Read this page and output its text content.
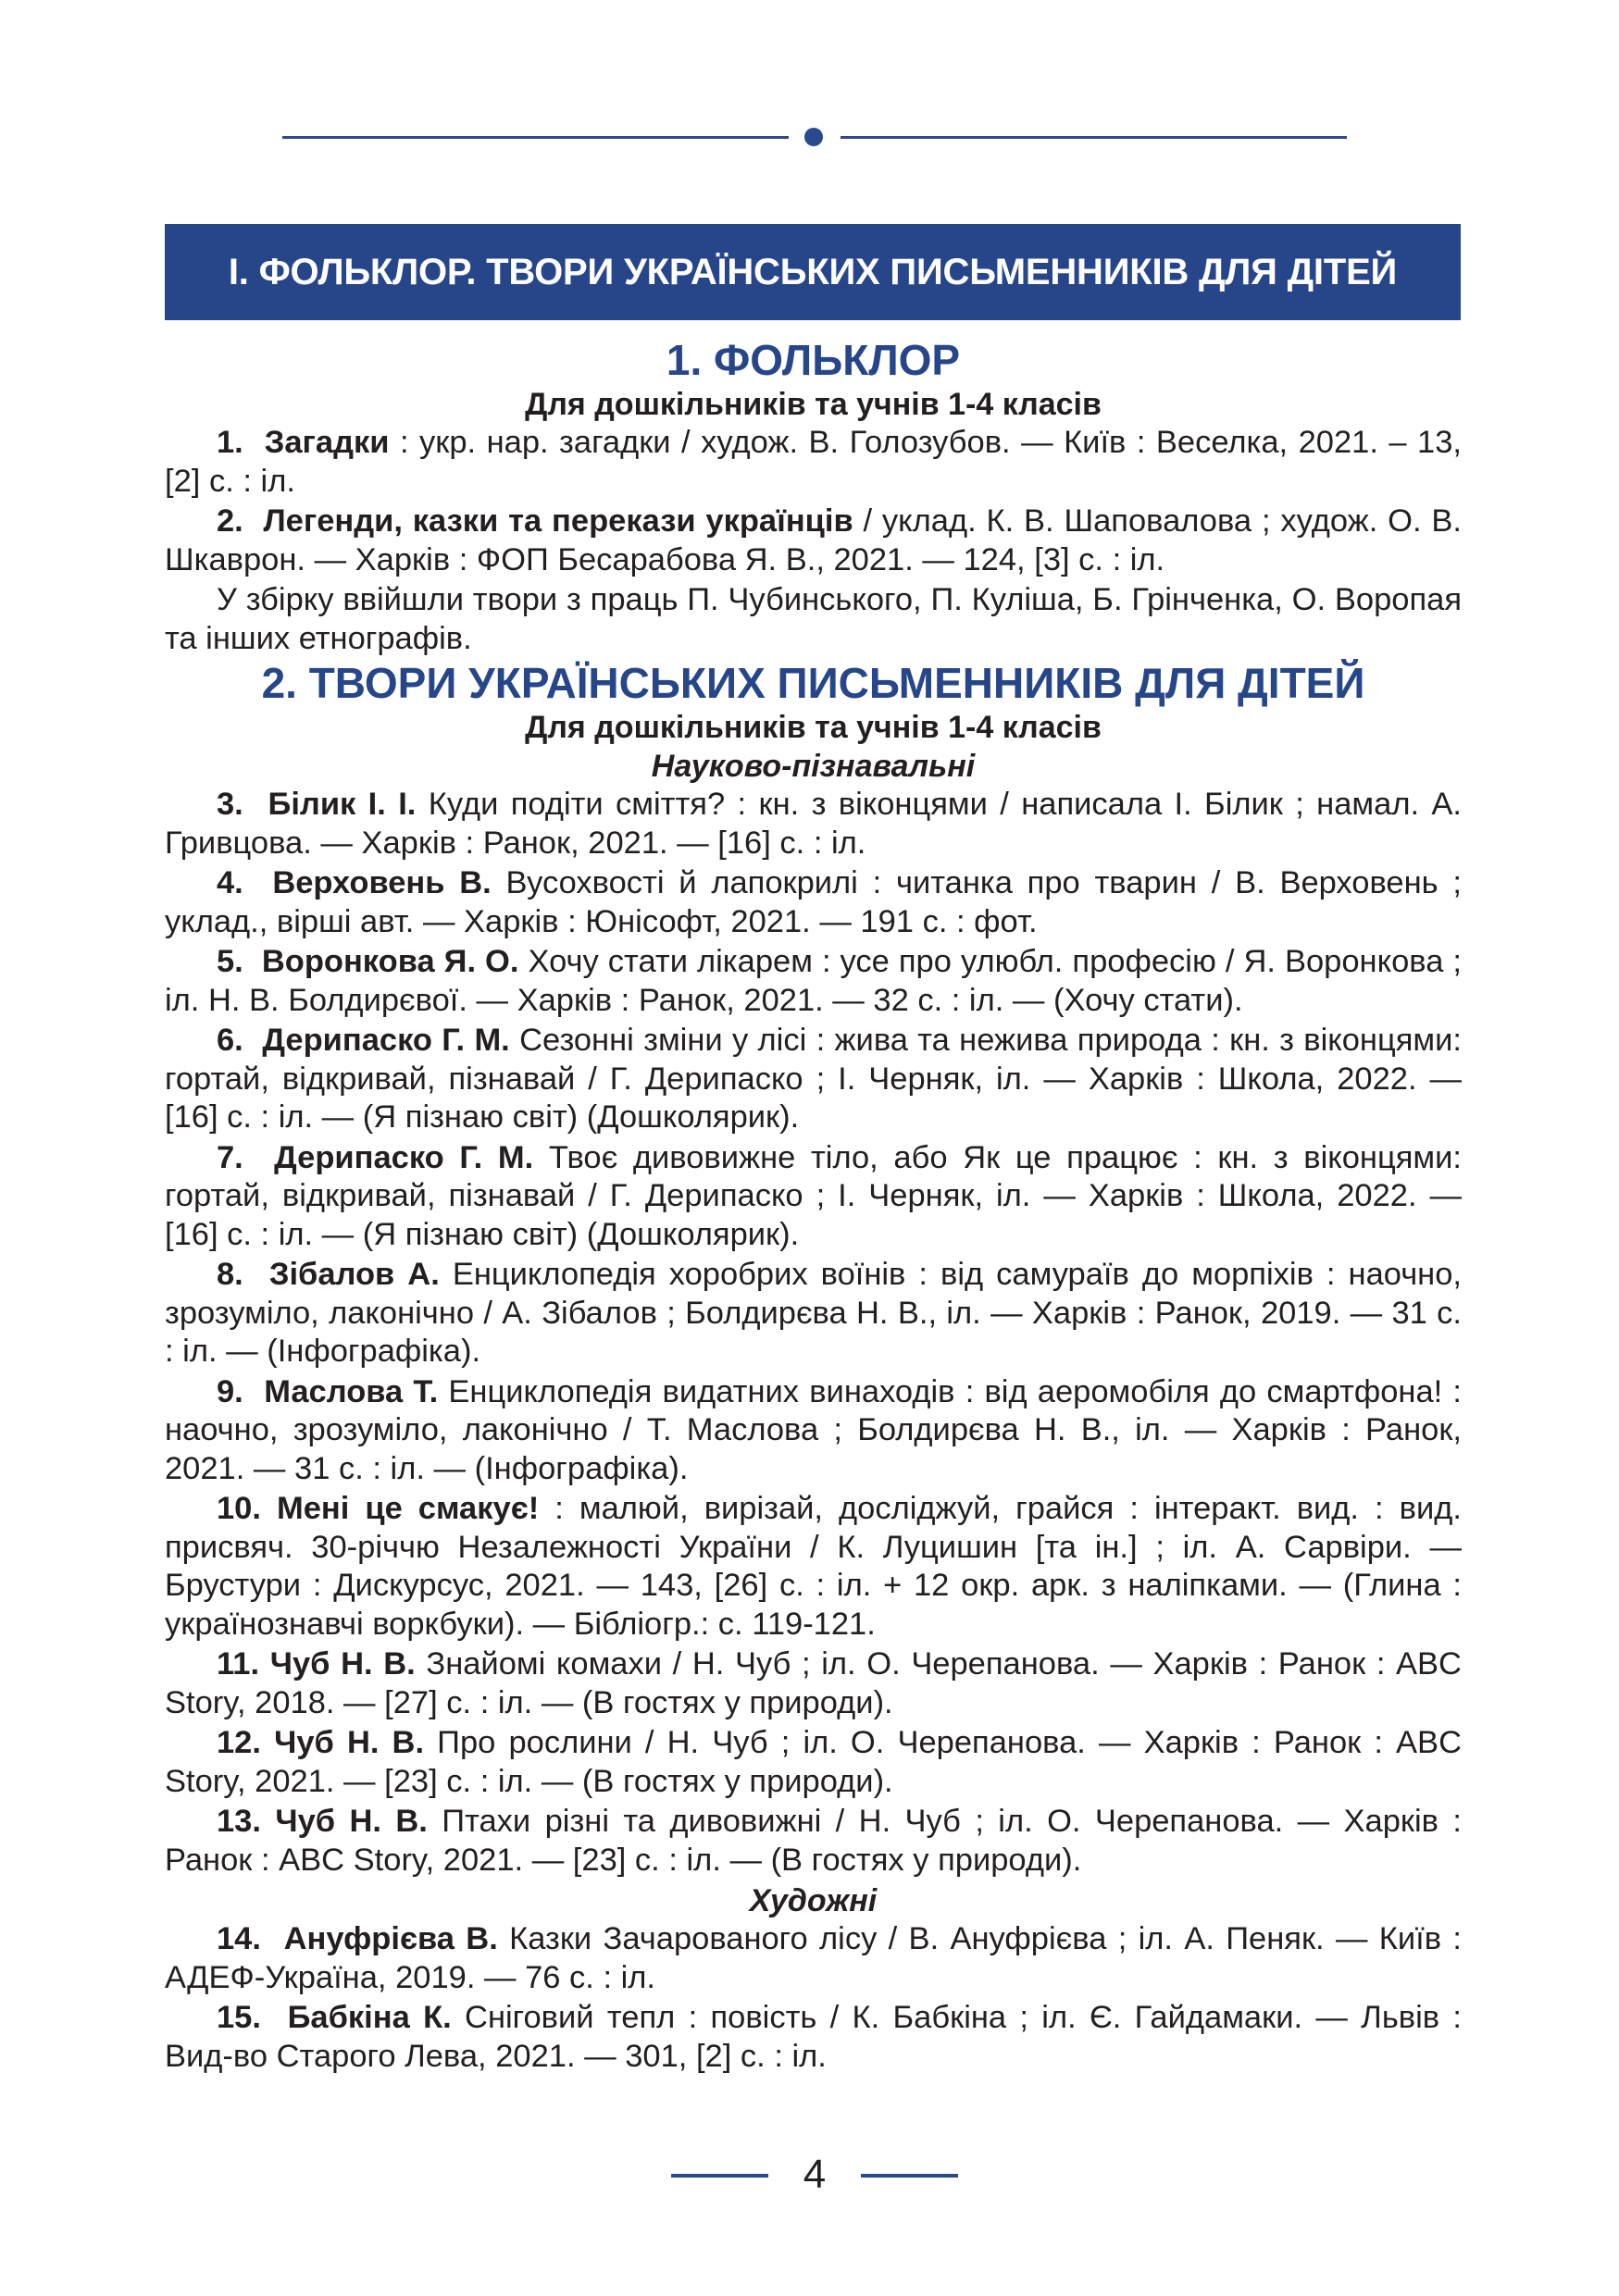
І. ФОЛЬКЛОР. ТВОРИ УКРАЇНСЬКИХ ПИСЬМЕННИКІВ ДЛЯ ДІТЕЙ
1. ФОЛЬКЛОР
Для дошкільників та учнів 1-4 класів

1. Загадки : укр. нар. загадки / худож. В. Голозубов. — Київ : Веселка, 2021. – 13, [2] с. : іл.

2. Легенди, казки та перекази українців / уклад. К. В. Шаповалова ; худож. О. В. Шкаврон. — Харків : ФОП Бесарабова Я. В., 2021. — 124, [3] с. : іл.

У збірку ввійшли твори з праць П. Чубинського, П. Куліша, Б. Грінченка, О. Воропая та інших етнографів.

2. ТВОРИ УКРАЇНСЬКИХ ПИСЬМЕННИКІВ ДЛЯ ДІТЕЙ
Для дошкільників та учнів 1-4 класів
Науково-пізнавальні

3. Білик І. І. Куди подіти сміття? : кн. з віконцями / написала І. Білик ; намал. А. Гривцова. — Харків : Ранок, 2021. — [16] с. : іл.

4. Верховень В. Вусохвості й лапокрилі : читанка про тварин / В. Верховень ; уклад., вірші авт. — Харків : Юнісофт, 2021. — 191 с. : фот.

5. Воронкова Я. О. Хочу стати лікарем : усе про улюбл. професію / Я. Воронкова ; іл. Н. В. Болдирєвої. — Харків : Ранок, 2021. — 32 с. : іл. — (Хочу стати).

6. Дерипаско Г. М. Сезонні зміни у лісі : жива та нежива природа : кн. з віконцями: гортай, відкривай, пізнавай / Г. Дерипаско ; І. Черняк, іл. — Харків : Школа, 2022. — [16] с. : іл. — (Я пізнаю світ) (Дошколярик).

7. Дерипаско Г. М. Твоє дивовижне тіло, або Як це працює : кн. з віконцями: гортай, відкривай, пізнавай / Г. Дерипаско ; І. Черняк, іл. — Харків : Школа, 2022. — [16] с. : іл. — (Я пізнаю світ) (Дошколярик).

8. Зібалов А. Енциклопедія хоробрих воїнів : від самураїв до морпіхів : наочно, зрозуміло, лаконічно / А. Зібалов ; Болдирєва Н. В., іл. — Харків : Ранок, 2019. — 31 с. : іл. — (Інфографіка).

9. Маслова Т. Енциклопедія видатних винаходів : від аеромобіля до смартфона! : наочно, зрозуміло, лаконічно / Т. Маслова ; Болдирєва Н. В., іл. — Харків : Ранок, 2021. — 31 с. : іл. — (Інфографіка).

10. Мені це смакує! : малюй, вирізай, досліджуй, грайся : інтеракт. вид. : вид. присвяч. 30-річчю Незалежності України / К. Луцишин [та ін.] ; іл. А. Сарвіри. — Брустури : Дискурсус, 2021. — 143, [26] с. : іл. + 12 окр. арк. з наліпками. — (Глина : українознавчі воркбуки). — Бібліогр.: с. 119-121.

11. Чуб Н. В. Знайомі комахи / Н. Чуб ; іл. О. Черепанова. — Харків : Ранок : ABC Story, 2018. — [27] с. : іл. — (В гостях у природи).

12. Чуб Н. В. Про рослини / Н. Чуб ; іл. О. Черепанова. — Харків : Ранок : ABC Story, 2021. — [23] с. : іл. — (В гостях у природи).

13. Чуб Н. В. Птахи різні та дивовижні / Н. Чуб ; іл. О. Черепанова. — Харків : Ранок : ABC Story, 2021. — [23] с. : іл. — (В гостях у природи).

Художні

14. Ануфрієва В. Казки Зачарованого лісу / В. Ануфрієва ; іл. А. Пеняк. — Київ : АДЕФ-Україна, 2019. — 76 с. : іл.

15. Бабкіна К. Сніговий тепл : повість / К. Бабкіна ; іл. Є. Гайдамаки. — Львів : Вид-во Старого Лева, 2021. — 301, [2] с. : іл.

4
